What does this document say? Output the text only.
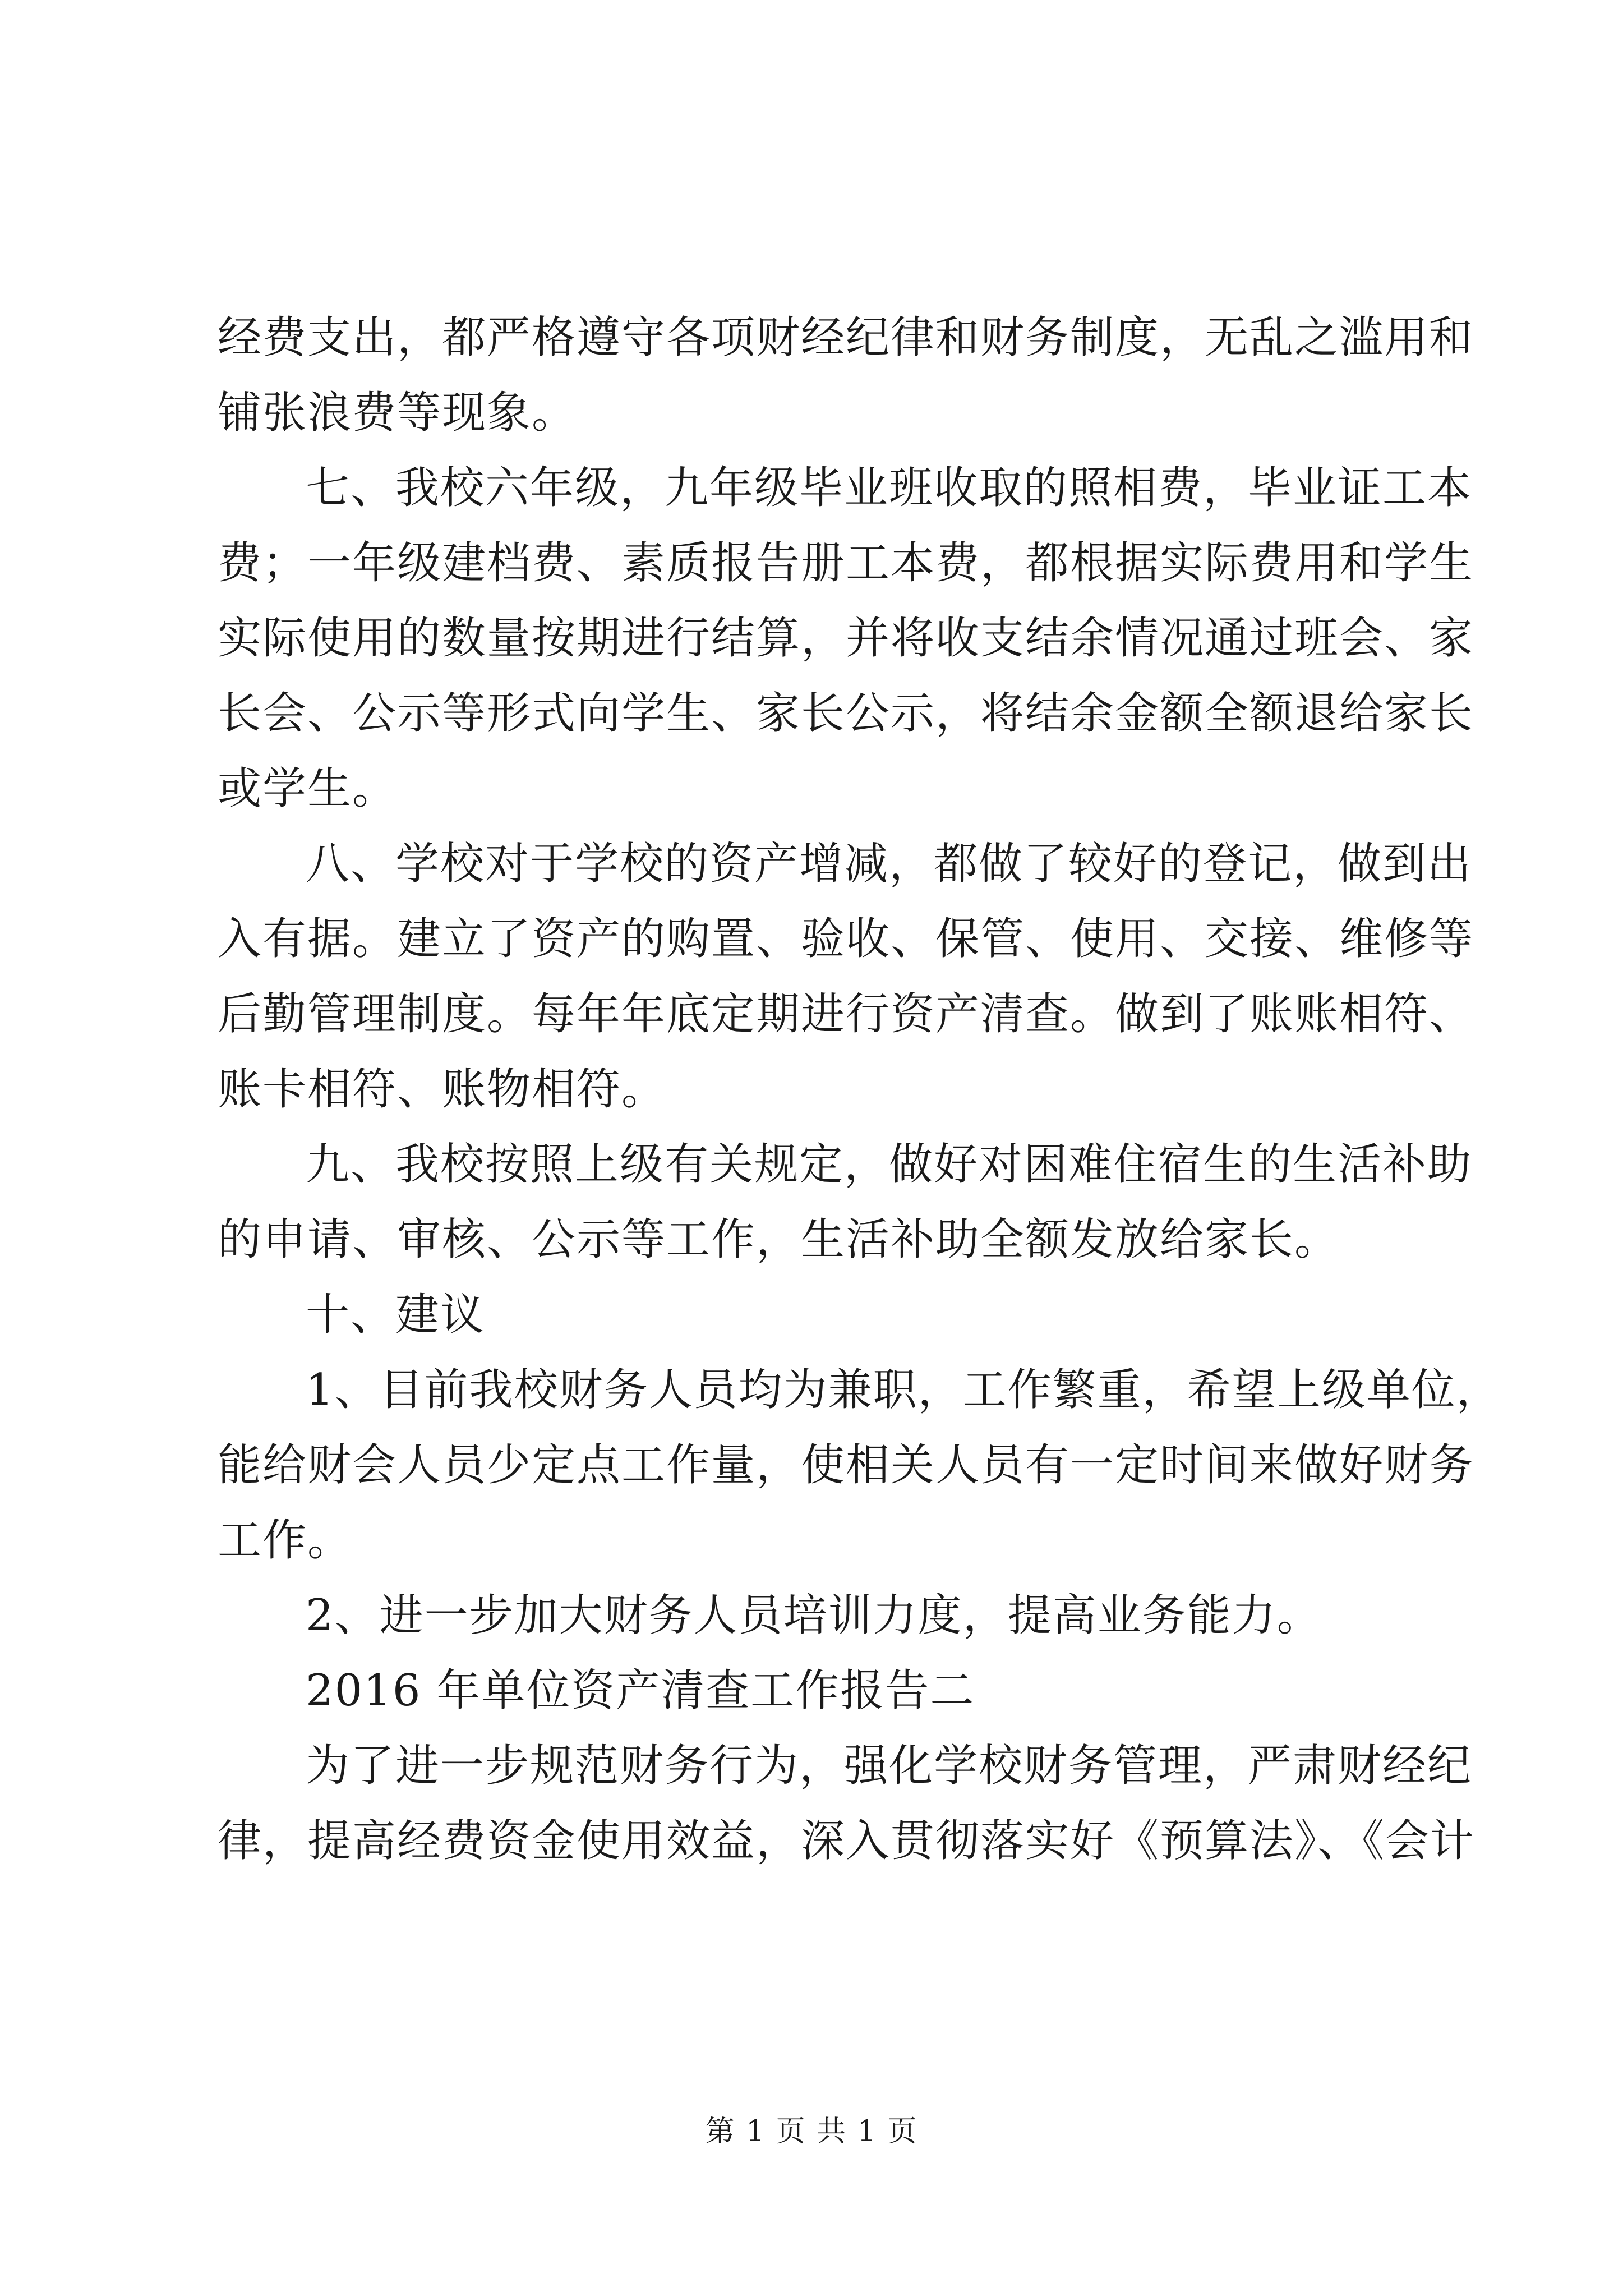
经费支出，都严格遵守各项财经纪律和财务制度，无乱之滥用和
铺张浪费等现象。
七、我校六年级，九年级毕业班收取的照相费，毕业证工本
费；一年级建档费、素质报告册工本费，都根据实际费用和学生
实际使用的数量按期进行结算，并将收支结余情况通过班会、家
长会、公示等形式向学生、家长公示，将结余金额全额退给家长
或学生。
八、学校对于学校的资产增减，都做了较好的登记，做到出
入有据。建立了资产的购置、验收、保管、使用、交接、维修等
后勤管理制度。每年年底定期进行资产清查。做到了账账相符、
账卡相符、账物相符。
九、我校按照上级有关规定，做好对困难住宿生的生活补助
的申请、审核、公示等工作，生活补助全额发放给家长。
十、建议
1、目前我校财务人员均为兼职，工作繁重，希望上级单位，
能给财会人员少定点工作量，使相关人员有一定时间来做好财务
工作。
2、进一步加大财务人员培训力度，提高业务能力。
2016 年单位资产清查工作报告二
为了进一步规范财务行为，强化学校财务管理，严肃财经纪
律，提高经费资金使用效益，深入贯彻落实好《预算法》、《会计
第 1 页 共 1 页
